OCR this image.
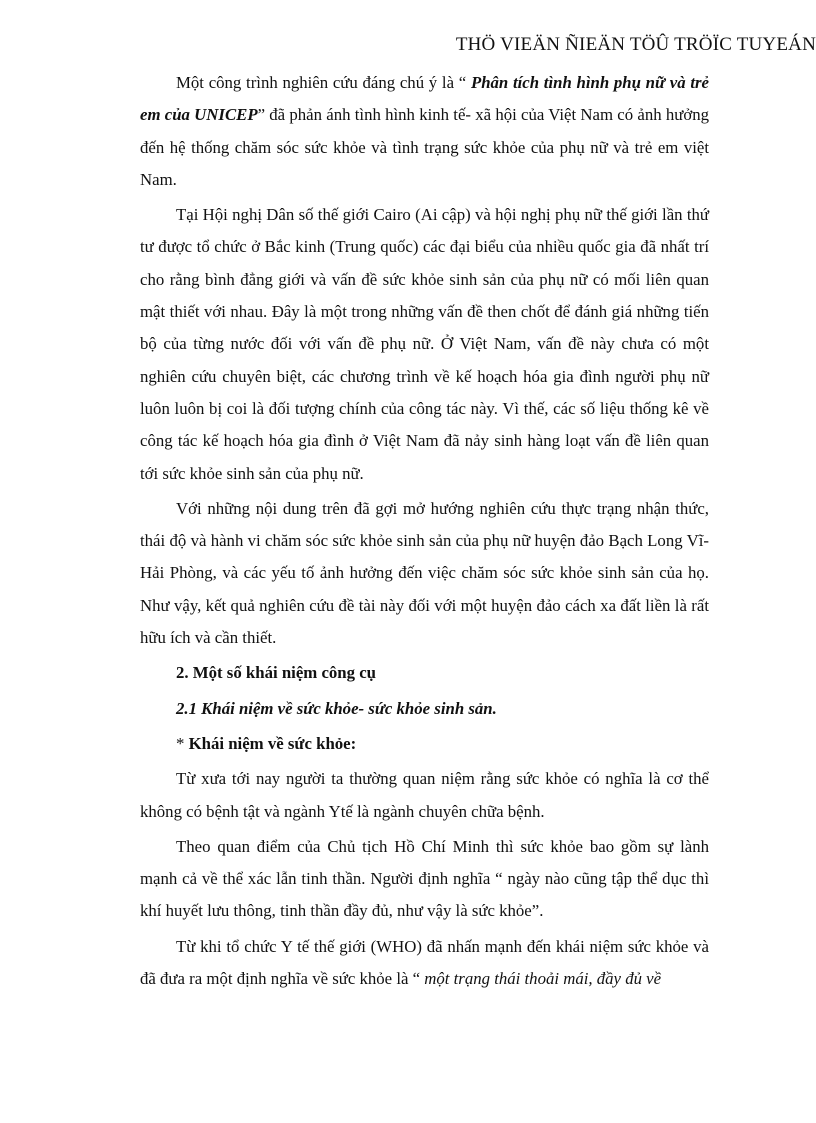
THÖ VIEÄN ÑIEÄN TÖÛ TRÖÏC TUYEÁN

Một công trình nghiên cứu đáng chú ý là “ Phân tích tình hình phụ nữ và trẻ em của UNICEP” đã phản ánh tình hình kinh tế- xã hội của Việt Nam có ảnh hưởng đến hệ thống chăm sóc sức khỏe và tình trạng sức khỏe của phụ nữ và trẻ em việt Nam.

Tại Hội nghị Dân số thế giới Cairo (Ai cập) và hội nghị phụ nữ thế giới lần thứ tư được tổ chức ở Bắc kinh (Trung quốc) các đại biểu của nhiều quốc gia đã nhất trí cho rằng bình đẳng giới và vấn đề sức khỏe sinh sản của phụ nữ có mối liên quan mật thiết với nhau. Đây là một trong những vấn đề then chốt để đánh giá những tiến bộ của từng nước đối với vấn đề phụ nữ. Ở Việt Nam, vấn đề này chưa có một nghiên cứu chuyên biệt, các chương trình về kế hoạch hóa gia đình người phụ nữ luôn luôn bị coi là đối tượng chính của công tác này. Vì thế, các số liệu thống kê về công tác kế hoạch hóa gia đình ở Việt Nam đã nảy sinh hàng loạt vấn đề liên quan tới sức khỏe sinh sản của phụ nữ.

Với những nội dung trên đã gợi mở hướng nghiên cứu thực trạng nhận thức, thái độ và hành vi chăm sóc sức khỏe sinh sản của phụ nữ huyện đảo Bạch Long Vĩ- Hải Phòng, và các yếu tố ảnh hưởng đến việc chăm sóc sức khỏe sinh sản của họ. Như vậy, kết quả nghiên cứu đề tài này đối với một huyện đảo cách xa đất liền là rất hữu ích và cần thiết.

2. Một số khái niệm công cụ

2.1 Khái niệm về sức khỏe- sức khỏe sinh sản.

* Khái niệm về sức khỏe:

Từ xưa tới nay người ta thường quan niệm rằng sức khỏe có nghĩa là cơ thể không có bệnh tật và ngành Ytế là ngành chuyên chữa bệnh.

Theo quan điểm của Chủ tịch Hồ Chí Minh thì sức khỏe bao gồm sự lành mạnh cả về thể xác lẫn tinh thần. Người định nghĩa “ ngày nào cũng tập thể dục thì khí huyết lưu thông, tinh thần đầy đủ, như vậy là sức khỏe”.

Từ khi tổ chức Y tế thế giới (WHO) đã nhấn mạnh đến khái niệm sức khỏe và đã đưa ra một định nghĩa về sức khỏe là “ một trạng thái thoải mái, đầy đủ về
